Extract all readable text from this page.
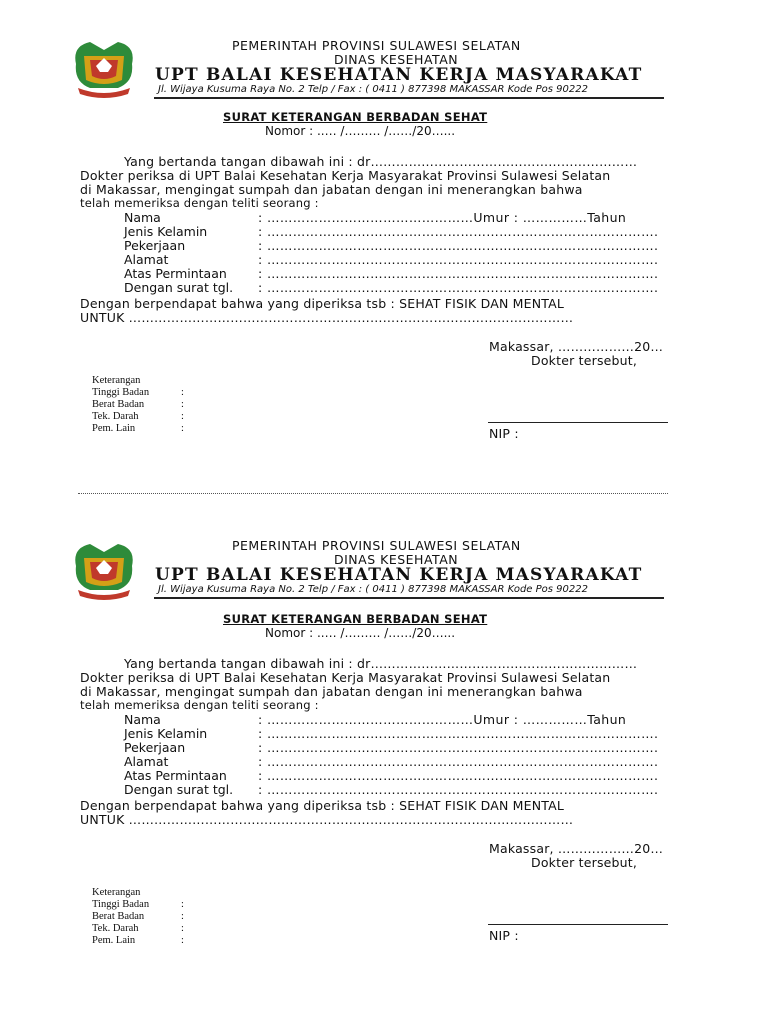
PEMERINTAH PROVINSI SULAWESI SELATAN
DINAS KESEHATAN
UPT BALAI KESEHATAN KERJA MASYARAKAT
Jl. Wijaya Kusuma Raya No. 2 Telp / Fax : ( 0411 ) 877398 MAKASSAR Kode Pos 90222
SURAT KETERANGAN BERBADAN SEHAT
Nomor : ..… /……… /……/20…...
Yang bertanda tangan dibawah ini : dr………………………………………………………
Dokter periksa di UPT Balai Kesehatan Kerja Masyarakat Provinsi Sulawesi Selatan
di Makassar, mengingat sumpah dan jabatan dengan ini menerangkan bahwa
telah memeriksa dengan teliti seorang :
Nama	: …………………………………………Umur : ……………Tahun
Jenis Kelamin	: ……………………………………………………………………………….
Pekerjaan	: ……………………………………………………………………………….
Alamat	: ……………………………………………………………………………….
Atas Permintaan : ……………………………………………………………………………….
Dengan surat tgl. : ……………………………………………………………………………….
Dengan berpendapat bahwa yang diperiksa tsb : SEHAT FISIK DAN MENTAL
UNTUK ……………………………………………………………………………………………
Makassar, ………………20…
Dokter tersebut,
Keterangan
Tinggi Badan	:
Berat Badan	:
Tek. Darah	:
Pem. Lain	:	NIP :
PEMERINTAH PROVINSI SULAWESI SELATAN
DINAS KESEHATAN
UPT BALAI KESEHATAN KERJA MASYARAKAT
Jl. Wijaya Kusuma Raya No. 2 Telp / Fax : ( 0411 ) 877398 MAKASSAR Kode Pos 90222
SURAT KETERANGAN BERBADAN SEHAT
Nomor : ..… /……… /……/20…...
Yang bertanda tangan dibawah ini : dr………………………………………………………
Dokter periksa di UPT Balai Kesehatan Kerja Masyarakat Provinsi Sulawesi Selatan
di Makassar, mengingat sumpah dan jabatan dengan ini menerangkan bahwa
telah memeriksa dengan teliti seorang :
Nama	: …………………………………………Umur : ……………Tahun
Jenis Kelamin	: ……………………………………………………………………………….
Pekerjaan	: ……………………………………………………………………………….
Alamat	: ……………………………………………………………………………….
Atas Permintaan : ……………………………………………………………………………….
Dengan surat tgl. : ……………………………………………………………………………….
Dengan berpendapat bahwa yang diperiksa tsb : SEHAT FISIK DAN MENTAL
UNTUK ……………………………………………………………………………………………
Makassar, ………………20…
Dokter tersebut,
Keterangan
Tinggi Badan	:
Berat Badan	:
Tek. Darah	:
Pem. Lain	:	NIP :
